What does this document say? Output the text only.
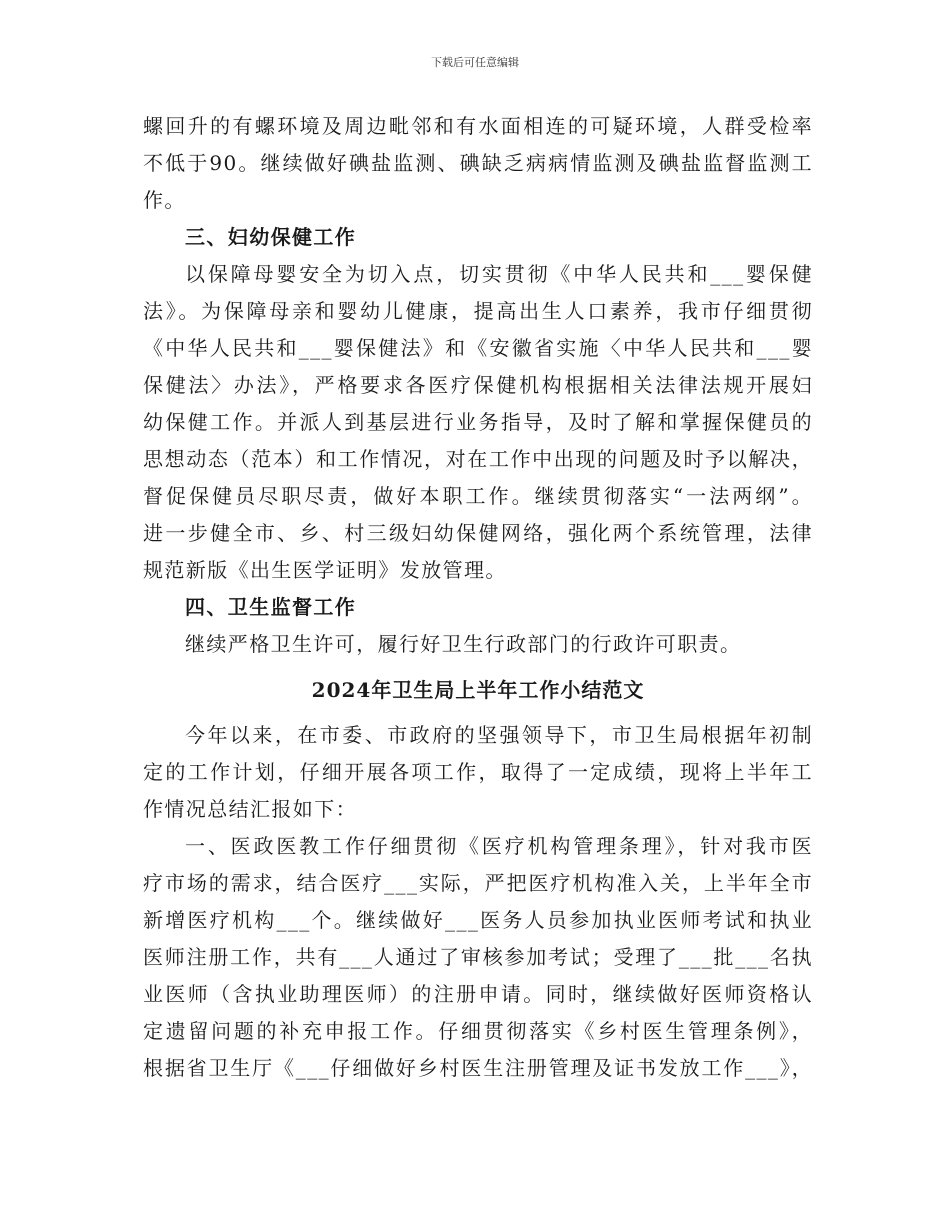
下载后可任意编辑
螺回升的有螺环境及周边毗邻和有水面相连的可疑环境，人群受检率
不低于90。继续做好碘盐监测、碘缺乏病病情监测及碘盐监督监测工
作。
三、妇幼保健工作
以保障母婴安全为切入点，切实贯彻《中华人民共和___婴保健
法》。为保障母亲和婴幼儿健康，提高出生人口素养，我市仔细贯彻
《中华人民共和___婴保健法》和《安徽省实施〈中华人民共和___婴
保健法〉办法》，严格要求各医疗保健机构根据相关法律法规开展妇
幼保健工作。并派人到基层进行业务指导，及时了解和掌握保健员的
思想动态（范本）和工作情况，对在工作中出现的问题及时予以解决，
督促保健员尽职尽责，做好本职工作。继续贯彻落实“一法两纲”。
进一步健全市、乡、村三级妇幼保健网络，强化两个系统管理，法律
规范新版《出生医学证明》发放管理。
四、卫生监督工作
继续严格卫生许可，履行好卫生行政部门的行政许可职责。
2024年卫生局上半年工作小结范文
今年以来，在市委、市政府的坚强领导下，市卫生局根据年初制
定的工作计划，仔细开展各项工作，取得了一定成绩，现将上半年工
作情况总结汇报如下：
一、医政医教工作仔细贯彻《医疗机构管理条理》，针对我市医
疗市场的需求，结合医疗___实际，严把医疗机构准入关，上半年全市
新增医疗机构___个。继续做好___医务人员参加执业医师考试和执业
医师注册工作，共有___人通过了审核参加考试；受理了___批___名执
业医师（含执业助理医师）的注册申请。同时，继续做好医师资格认
定遗留问题的补充申报工作。仔细贯彻落实《乡村医生管理条例》，
根据省卫生厅《___仔细做好乡村医生注册管理及证书发放工作___》，
